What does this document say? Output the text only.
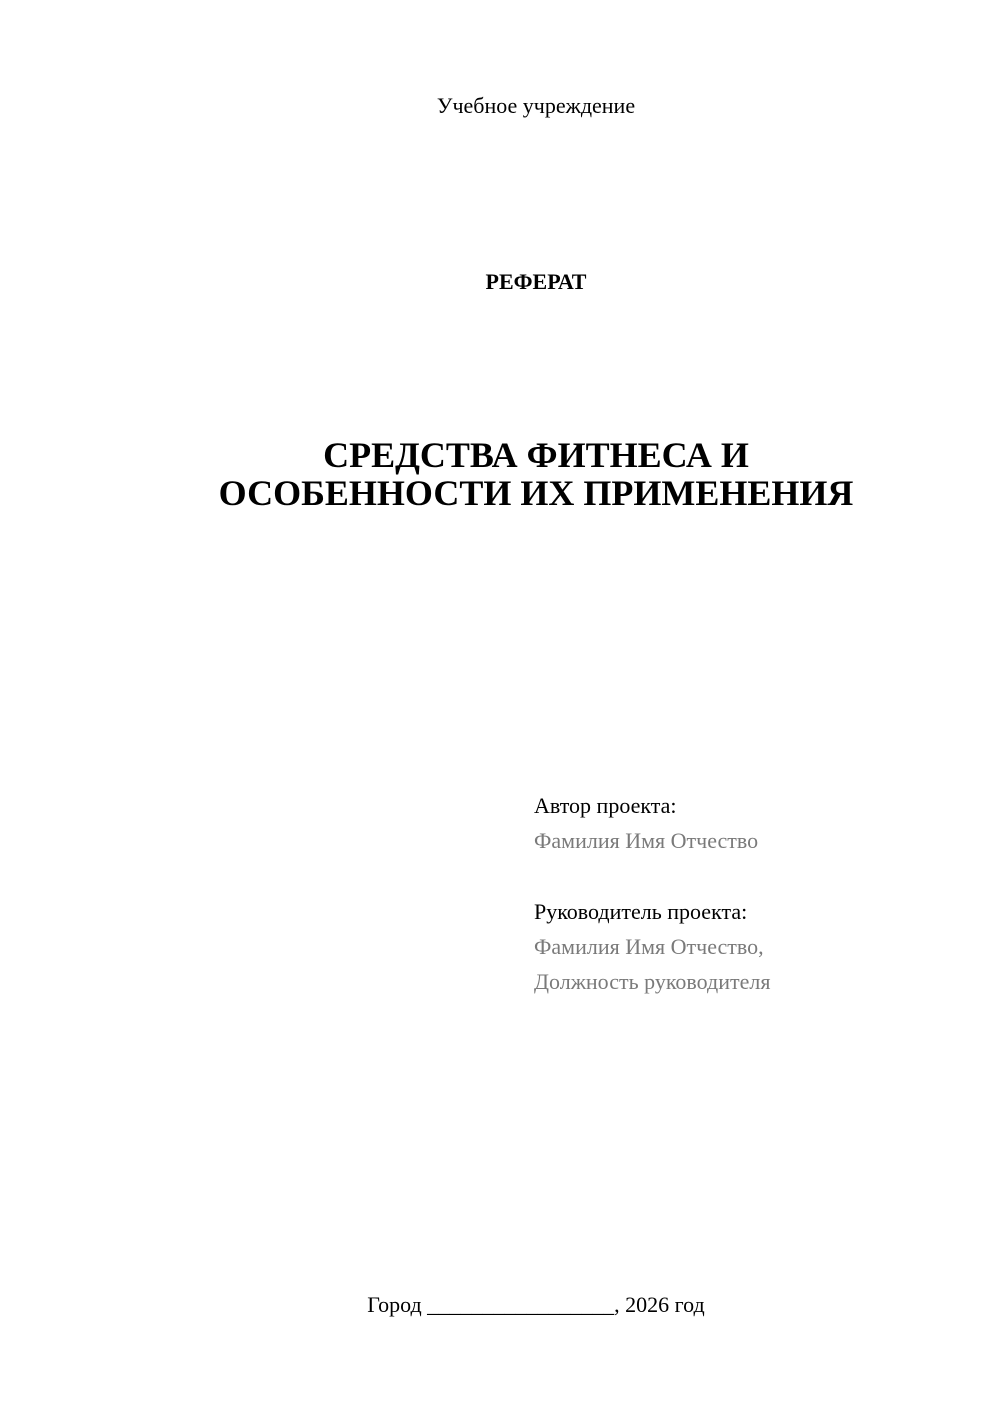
Учебное учреждение
РЕФЕРАТ
СРЕДСТВА ФИТНЕСА И
ОСОБЕННОСТИ ИХ ПРИМЕНЕНИЯ
Автор проекта:
Фамилия Имя Отчество
Руководитель проекта:
Фамилия Имя Отчество,
Должность руководителя
Город _________________, 2026 год
